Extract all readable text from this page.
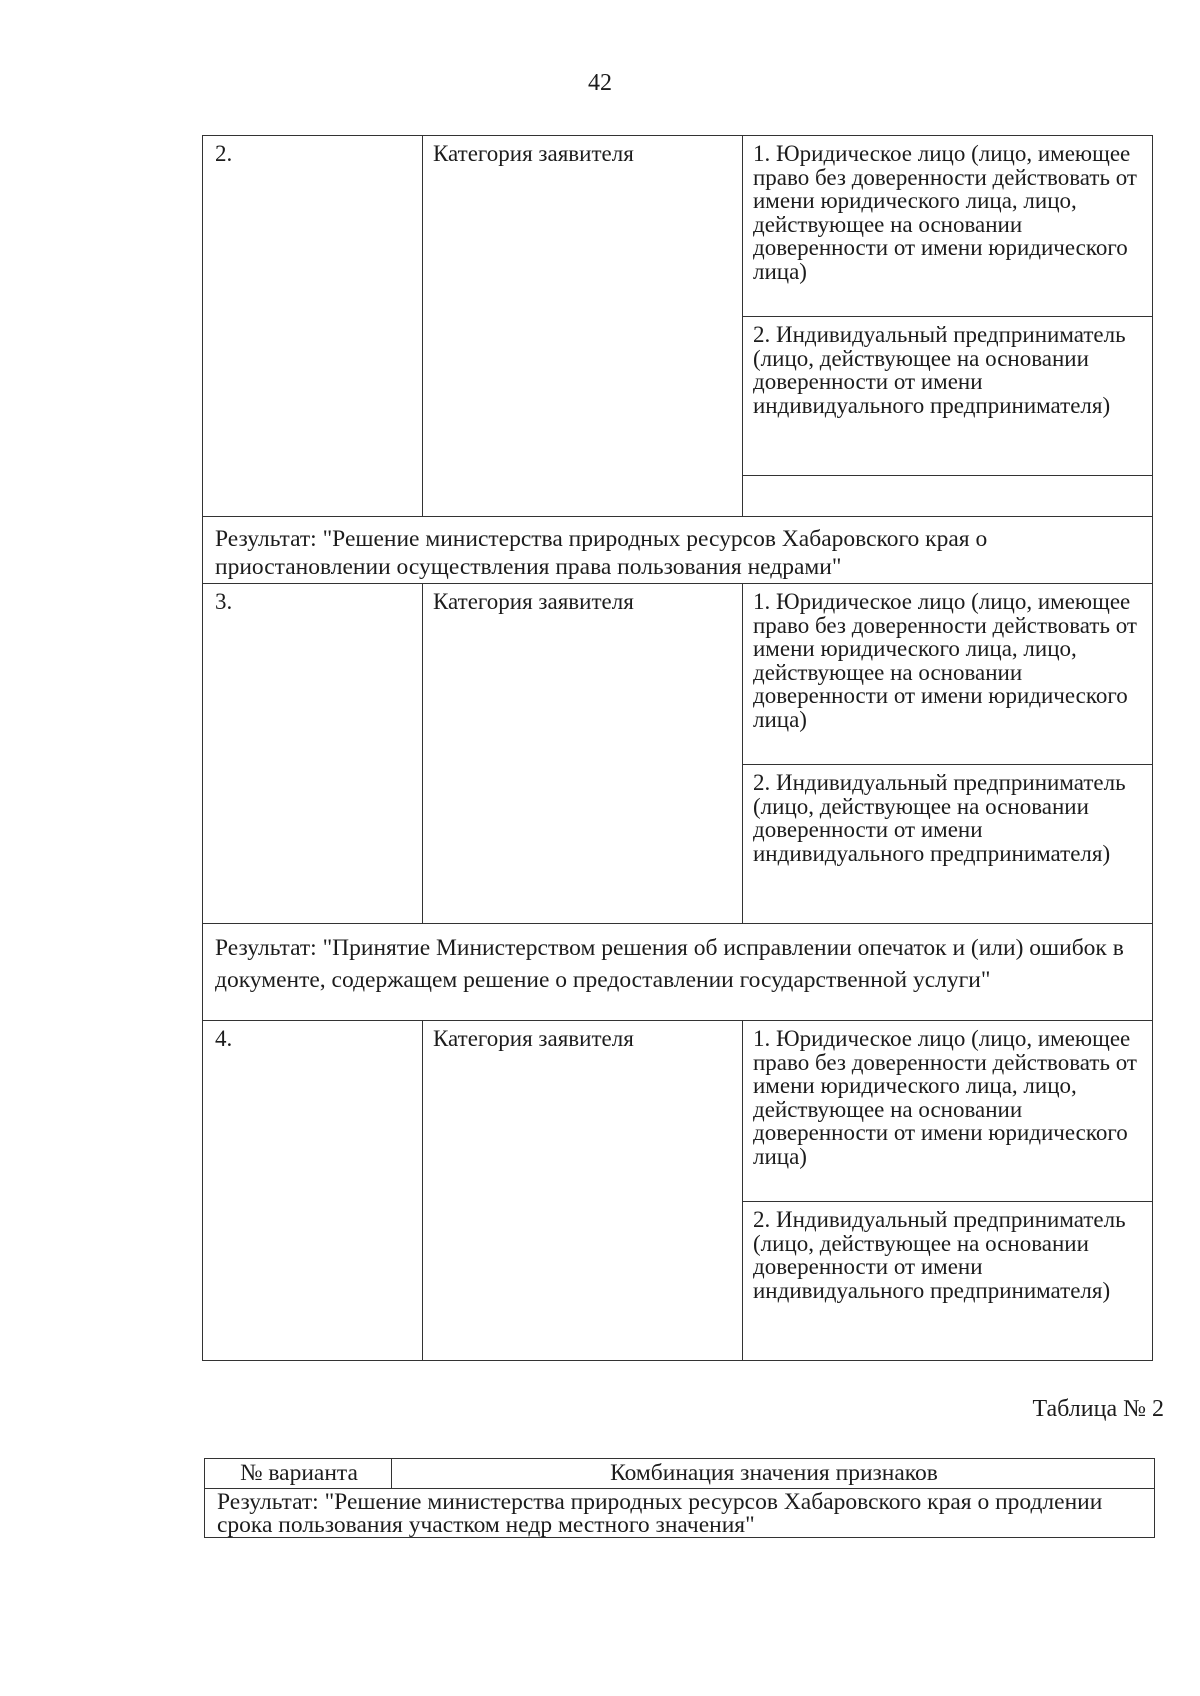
42
2.	Категория заявителя	1. Юридическое лицо (лицо, имеющее право без доверенности действовать от имени юридического лица, лицо, действующее на основании доверенности от имени юридического лица)
2. Индивидуальный предприниматель (лицо, действующее на основании доверенности от имени индивидуального предпринимателя)

Результат: "Решение министерства природных ресурсов Хабаровского края о приостановлении осуществления права пользования недрами"		
3.	Категория заявителя	1. Юридическое лицо (лицо, имеющее право без доверенности действовать от имени юридического лица, лицо, действующее на основании доверенности от имени юридического лица)
2. Индивидуальный предприниматель (лицо, действующее на основании доверенности от имени индивидуального предпринимателя)

Результат: "Принятие Министерством решения об исправлении опечаток и (или) ошибок в документе, содержащем решение о предоставлении государственной услуги"		
4.	Категория заявителя	1. Юридическое лицо (лицо, имеющее право без доверенности действовать от имени юридического лица, лицо, действующее на основании доверенности от имени юридического лица)
2. Индивидуальный предприниматель (лицо, действующее на основании доверенности от имени индивидуального предпринимателя)
Таблица № 2
№ варианта	Комбинация значения признаков
Результат: "Решение министерства природных ресурсов Хабаровского края о продлении срока пользования участком недр местного значения"
